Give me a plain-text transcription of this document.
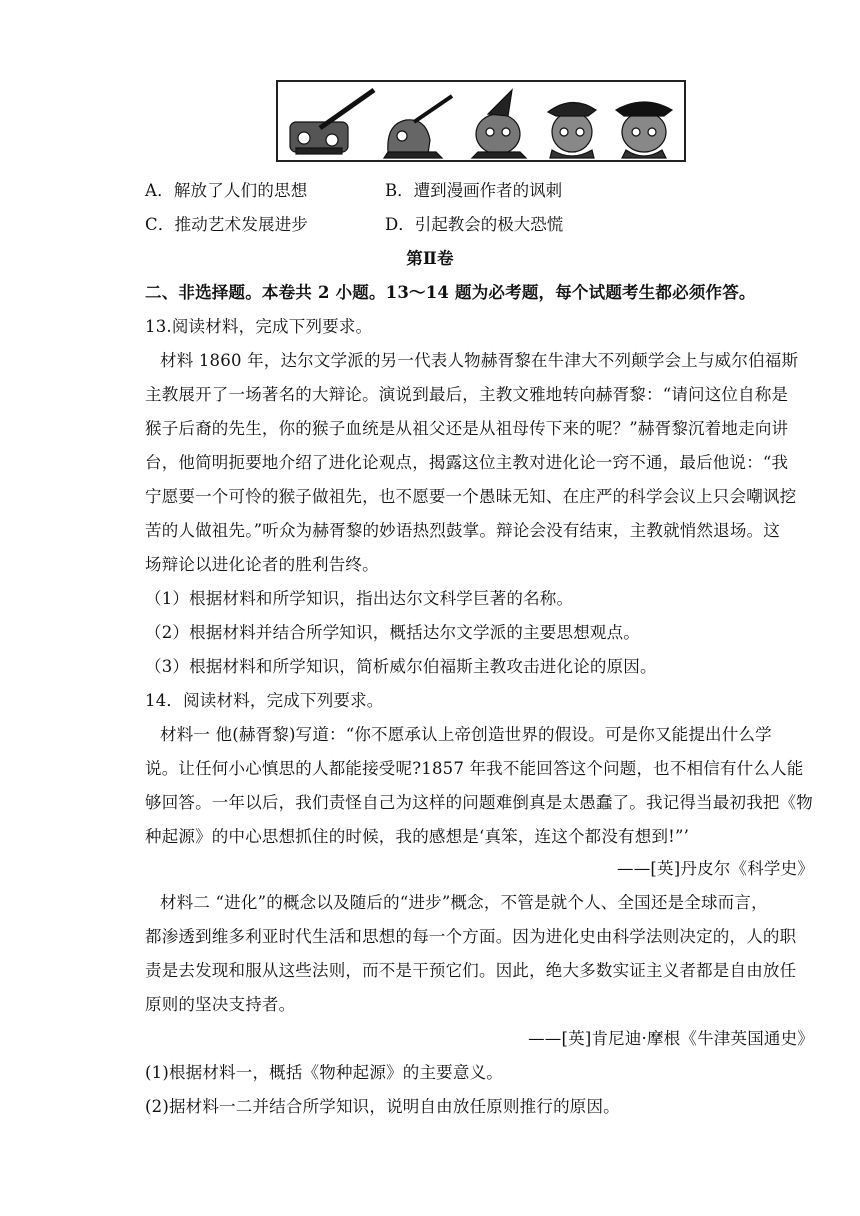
A．解放了人们的思想	B．遭到漫画作者的讽刺
C．推动艺术发展进步	D．引起教会的极大恐慌
第Ⅱ卷
二、非选择题。本卷共 2 小题。13～14 题为必考题，每个试题考生都必须作答。
13.阅读材料，完成下列要求。
材料 1860 年，达尔文学派的另一代表人物赫胥黎在牛津大不列颠学会上与威尔伯福斯
主教展开了一场著名的大辩论。演说到最后，主教文雅地转向赫胥黎：“请问这位自称是
猴子后裔的先生，你的猴子血统是从祖父还是从祖母传下来的呢？”赫胥黎沉着地走向讲
台，他简明扼要地介绍了进化论观点，揭露这位主教对进化论一窍不通，最后他说：“我
宁愿要一个可怜的猴子做祖先，也不愿要一个愚昧无知、在庄严的科学会议上只会嘲讽挖
苦的人做祖先。”听众为赫胥黎的妙语热烈鼓掌。辩论会没有结束，主教就悄然退场。这
场辩论以进化论者的胜利告终。
（1）根据材料和所学知识，指出达尔文科学巨著的名称。
（2）根据材料并结合所学知识，概括达尔文学派的主要思想观点。
（3）根据材料和所学知识，简析威尔伯福斯主教攻击进化论的原因。
14．阅读材料，完成下列要求。
材料一 他(赫胥黎)写道：“你不愿承认上帝创造世界的假设。可是你又能提出什么学
说。让任何小心慎思的人都能接受呢?1857 年我不能回答这个问题，也不相信有什么人能
够回答。一年以后，我们责怪自己为这样的问题难倒真是太愚蠢了。我记得当最初我把《物
种起源》的中心思想抓住的时候，我的感想是‘真笨，连这个都没有想到!”’
——[英]丹皮尔《科学史》
材料二 “进化”的概念以及随后的“进步”概念，不管是就个人、全国还是全球而言，
都渗透到维多利亚时代生活和思想的每一个方面。因为进化史由科学法则决定的，人的职
责是去发现和服从这些法则，而不是干预它们。因此，绝大多数实证主义者都是自由放任
原则的坚决支持者。
——[英]肯尼迪·摩根《牛津英国通史》
(1)根据材料一，概括《物种起源》的主要意义。
(2)据材料一二并结合所学知识，说明自由放任原则推行的原因。
